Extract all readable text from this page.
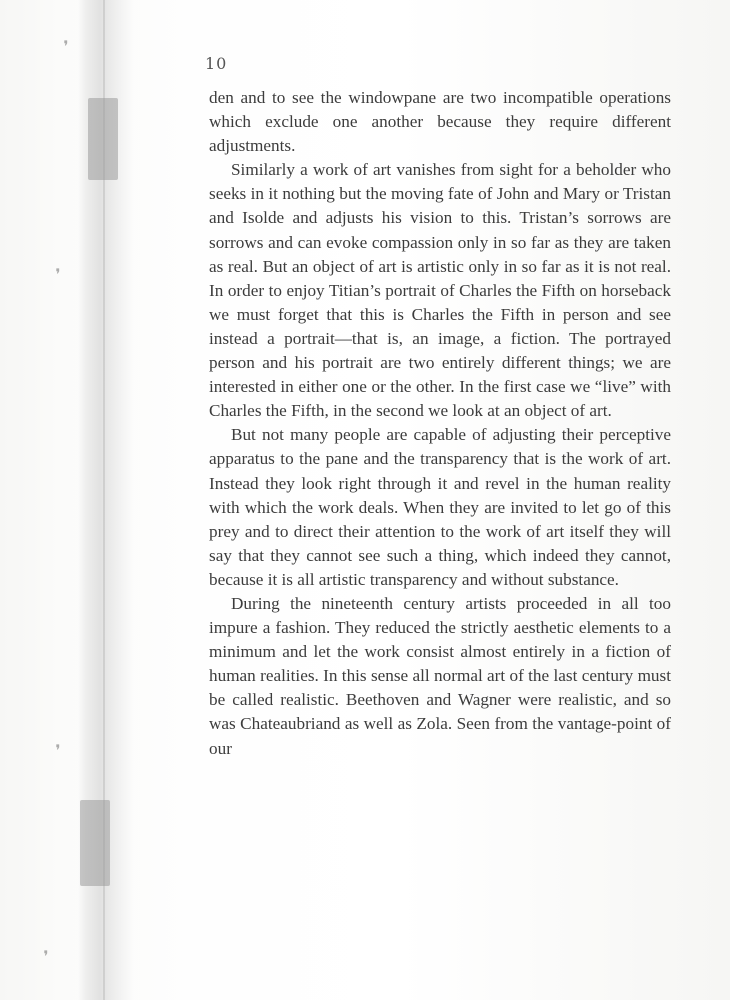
❜
❜
❜
❜
10

den and to see the windowpane are two incompatible operations which exclude one another because they require different adjustments.

Similarly a work of art vanishes from sight for a beholder who seeks in it nothing but the moving fate of John and Mary or Tristan and Isolde and adjusts his vision to this. Tristan’s sorrows are sorrows and can evoke compassion only in so far as they are taken as real. But an object of art is artistic only in so far as it is not real. In order to enjoy Titian’s portrait of Charles the Fifth on horseback we must forget that this is Charles the Fifth in person and see instead a portrait—that is, an image, a fiction. The portrayed person and his portrait are two entirely different things; we are interested in either one or the other. In the first case we “live” with Charles the Fifth, in the second we look at an object of art.

But not many people are capable of adjusting their perceptive apparatus to the pane and the transparency that is the work of art. Instead they look right through it and revel in the human reality with which the work deals. When they are invited to let go of this prey and to direct their attention to the work of art itself they will say that they cannot see such a thing, which indeed they cannot, because it is all artistic transparency and without substance.

During the nineteenth century artists proceeded in all too impure a fashion. They reduced the strictly aesthetic elements to a minimum and let the work consist almost entirely in a fiction of human realities. In this sense all normal art of the last century must be called realistic. Beethoven and Wagner were realistic, and so was Chateaubriand as well as Zola. Seen from the vantage-point of our
